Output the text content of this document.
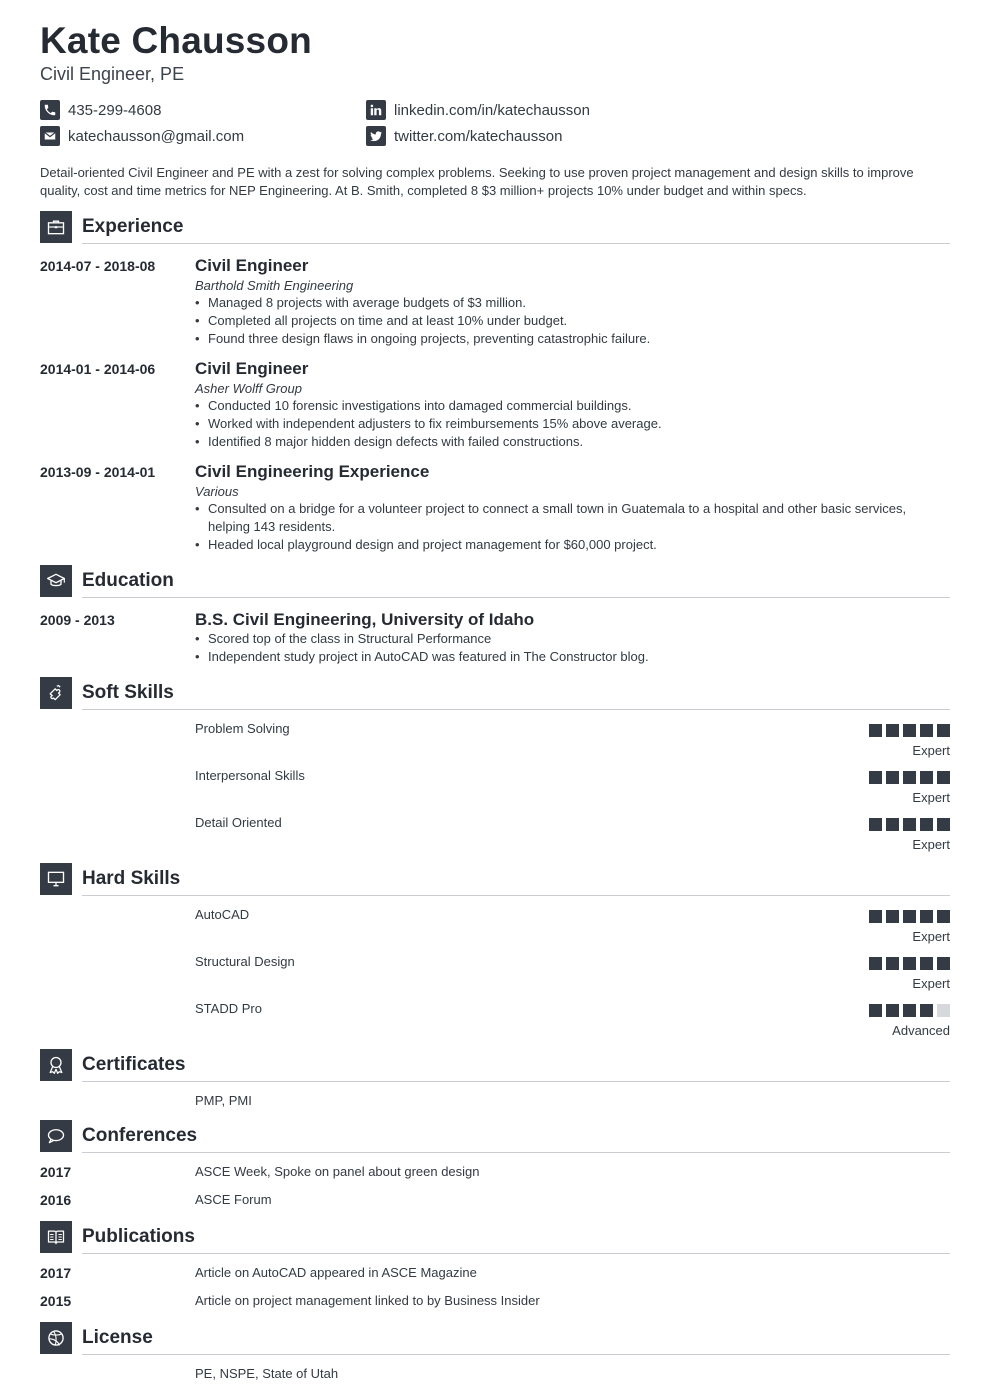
Kate Chausson
Civil Engineer, PE
435-299-4608
katechausson@gmail.com
linkedin.com/in/katechausson
twitter.com/katechausson
Detail-oriented Civil Engineer and PE with a zest for solving complex problems. Seeking to use proven project management and design skills to improve quality, cost and time metrics for NEP Engineering. At B. Smith, completed 8 $3 million+ projects 10% under budget and within specs.
Experience
2014-07 - 2018-08 Civil Engineer
Barthold Smith Engineering
• Managed 8 projects with average budgets of $3 million.
• Completed all projects on time and at least 10% under budget.
• Found three design flaws in ongoing projects, preventing catastrophic failure.
2014-01 - 2014-06 Civil Engineer
Asher Wolff Group
• Conducted 10 forensic investigations into damaged commercial buildings.
• Worked with independent adjusters to fix reimbursements 15% above average.
• Identified 8 major hidden design defects with failed constructions.
2013-09 - 2014-01 Civil Engineering Experience
Various
• Consulted on a bridge for a volunteer project to connect a small town in Guatemala to a hospital and other basic services, helping 143 residents.
• Headed local playground design and project management for $60,000 project.
Education
2009 - 2013	B.S. Civil Engineering, University of Idaho
• Scored top of the class in Structural Performance
• Independent study project in AutoCAD was featured in The Constructor blog.
Soft Skills
Problem Solving
Expert
Interpersonal Skills
Expert
Detail Oriented
Expert
Hard Skills
AutoCAD
Expert
Structural Design
Expert
STADD Pro
Advanced
Certificates
PMP, PMI
Conferences
2017	ASCE Week, Spoke on panel about green design
2016	ASCE Forum
Publications
2017	Article on AutoCAD appeared in ASCE Magazine
2015	Article on project management linked to by Business Insider
License
PE, NSPE, State of Utah
